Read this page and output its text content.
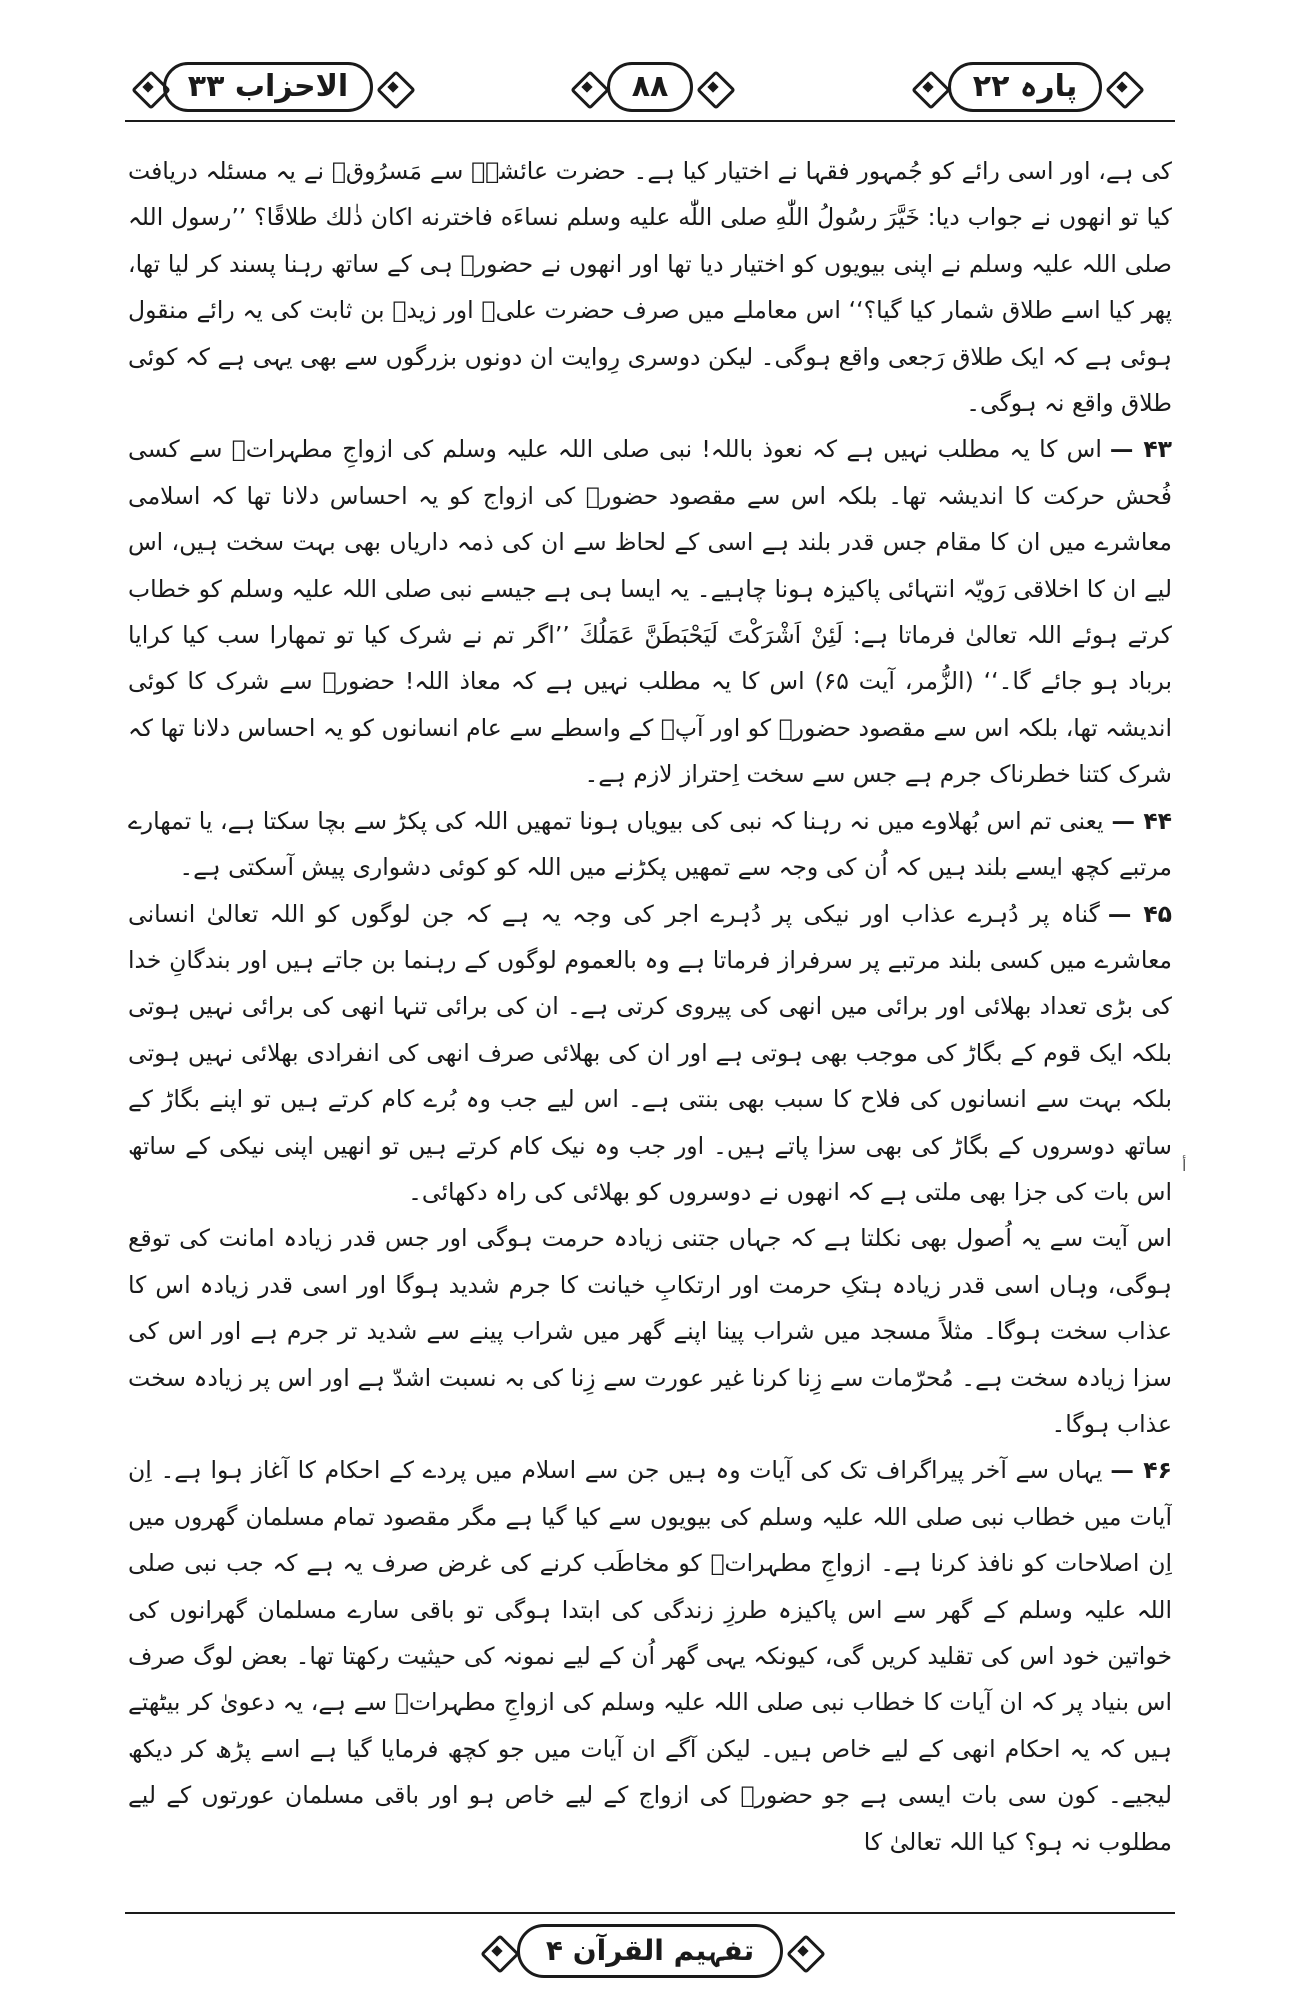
الاحزاب ۳۳	۸۸	پارہ ۲۲

کی ہے، اور اسی رائے کو جُمہور فقہا نے اختیار کیا ہے۔ حضرت عائشہؓ سے مَسرُوقؒ نے یہ مسئلہ دریافت کیا تو انھوں نے جواب دیا: خَيَّرَ رسُولُ اللّٰهِ صلى اللّٰه عليه وسلم نساءَه فاخترنه اكان ذٰلك طلاقًا؟ ’’رسول اللہ صلی اللہ علیہ وسلم نے اپنی بیویوں کو اختیار دیا تھا اور انھوں نے حضورؐ ہی کے ساتھ رہنا پسند کر لیا تھا، پھر کیا اسے طلاق شمار کیا گیا؟‘‘ اس معاملے میں صرف حضرت علیؓ اور زیدؓ بن ثابت کی یہ رائے منقول ہوئی ہے کہ ایک طلاق رَجعی واقع ہوگی۔ لیکن دوسری رِوایت ان دونوں بزرگوں سے بھی یہی ہے کہ کوئی طلاق واقع نہ ہوگی۔

۴۳ —اس کا یہ مطلب نہیں ہے کہ نعوذ باللہ! نبی صلی اللہ علیہ وسلم کی ازواجِ مطہراتؓ سے کسی فُحش حرکت کا اندیشہ تھا۔ بلکہ اس سے مقصود حضورؐ کی ازواج کو یہ احساس دلانا تھا کہ اسلامی معاشرے میں ان کا مقام جس قدر بلند ہے اسی کے لحاظ سے ان کی ذمہ داریاں بھی بہت سخت ہیں، اس لیے ان کا اخلاقی رَویّہ انتہائی پاکیزہ ہونا چاہیے۔ یہ ایسا ہی ہے جیسے نبی صلی اللہ علیہ وسلم کو خطاب کرتے ہوئے اللہ تعالیٰ فرماتا ہے: لَئِنْ اَشْرَكْتَ لَيَحْبَطَنَّ عَمَلُكَ ’’اگر تم نے شرک کیا تو تمھارا سب کیا کرایا برباد ہو جائے گا۔‘‘ (الزُّمر، آیت ۶۵) اس کا یہ مطلب نہیں ہے کہ معاذ اللہ! حضورؐ سے شرک کا کوئی اندیشہ تھا، بلکہ اس سے مقصود حضورؐ کو اور آپؐ کے واسطے سے عام انسانوں کو یہ احساس دلانا تھا کہ شرک کتنا خطرناک جرم ہے جس سے سخت اِحتراز لازم ہے۔

۴۴ —یعنی تم اس بُھلاوے میں نہ رہنا کہ نبی کی بیویاں ہونا تمھیں اللہ کی پکڑ سے بچا سکتا ہے، یا تمھارے مرتبے کچھ ایسے بلند ہیں کہ اُن کی وجہ سے تمھیں پکڑنے میں اللہ کو کوئی دشواری پیش آسکتی ہے۔

۴۵ —گناہ پر دُہرے عذاب اور نیکی پر دُہرے اجر کی وجہ یہ ہے کہ جن لوگوں کو اللہ تعالیٰ انسانی معاشرے میں کسی بلند مرتبے پر سرفراز فرماتا ہے وہ بالعموم لوگوں کے رہنما بن جاتے ہیں اور بندگانِ خدا کی بڑی تعداد بھلائی اور برائی میں انھی کی پیروی کرتی ہے۔ ان کی برائی تنہا انھی کی برائی نہیں ہوتی بلکہ ایک قوم کے بگاڑ کی موجب بھی ہوتی ہے اور ان کی بھلائی صرف انھی کی انفرادی بھلائی نہیں ہوتی بلکہ بہت سے انسانوں کی فلاح کا سبب بھی بنتی ہے۔ اس لیے جب وہ بُرے کام کرتے ہیں تو اپنے بگاڑ کے ساتھ دوسروں کے بگاڑ کی بھی سزا پاتے ہیں۔ اور جب وہ نیک کام کرتے ہیں تو انھیں اپنی نیکی کے ساتھ اس بات کی جزا بھی ملتی ہے کہ انھوں نے دوسروں کو بھلائی کی راہ دکھائی۔

اس آیت سے یہ اُصول بھی نکلتا ہے کہ جہاں جتنی زیادہ حرمت ہوگی اور جس قدر زیادہ امانت کی توقع ہوگی، وہاں اسی قدر زیادہ ہتکِ حرمت اور ارتکابِ خیانت کا جرم شدید ہوگا اور اسی قدر زیادہ اس کا عذاب سخت ہوگا۔ مثلاً مسجد میں شراب پینا اپنے گھر میں شراب پینے سے شدید تر جرم ہے اور اس کی سزا زیادہ سخت ہے۔ مُحرّمات سے زِنا کرنا غیر عورت سے زِنا کی بہ نسبت اشدّ ہے اور اس پر زیادہ سخت عذاب ہوگا۔

۴۶ —یہاں سے آخر پیراگراف تک کی آیات وہ ہیں جن سے اسلام میں پردے کے احکام کا آغاز ہوا ہے۔ اِن آیات میں خطاب نبی صلی اللہ علیہ وسلم کی بیویوں سے کیا گیا ہے مگر مقصود تمام مسلمان گھروں میں اِن اصلاحات کو نافذ کرنا ہے۔ ازواجِ مطہراتؓ کو مخاطَب کرنے کی غرض صرف یہ ہے کہ جب نبی صلی اللہ علیہ وسلم کے گھر سے اس پاکیزہ طرزِ زندگی کی ابتدا ہوگی تو باقی سارے مسلمان گھرانوں کی خواتین خود اس کی تقلید کریں گی، کیونکہ یہی گھر اُن کے لیے نمونہ کی حیثیت رکھتا تھا۔ بعض لوگ صرف اس بنیاد پر کہ ان آیات کا خطاب نبی صلی اللہ علیہ وسلم کی ازواجِ مطہراتؓ سے ہے، یہ دعویٰ کر بیٹھتے ہیں کہ یہ احکام انھی کے لیے خاص ہیں۔ لیکن آگے ان آیات میں جو کچھ فرمایا گیا ہے اسے پڑھ کر دیکھ لیجیے۔ کون سی بات ایسی ہے جو حضورؐ کی ازواج کے لیے خاص ہو اور باقی مسلمان عورتوں کے لیے مطلوب نہ ہو؟ کیا اللہ تعالیٰ کا

أ
تفہیم القرآن ۴
